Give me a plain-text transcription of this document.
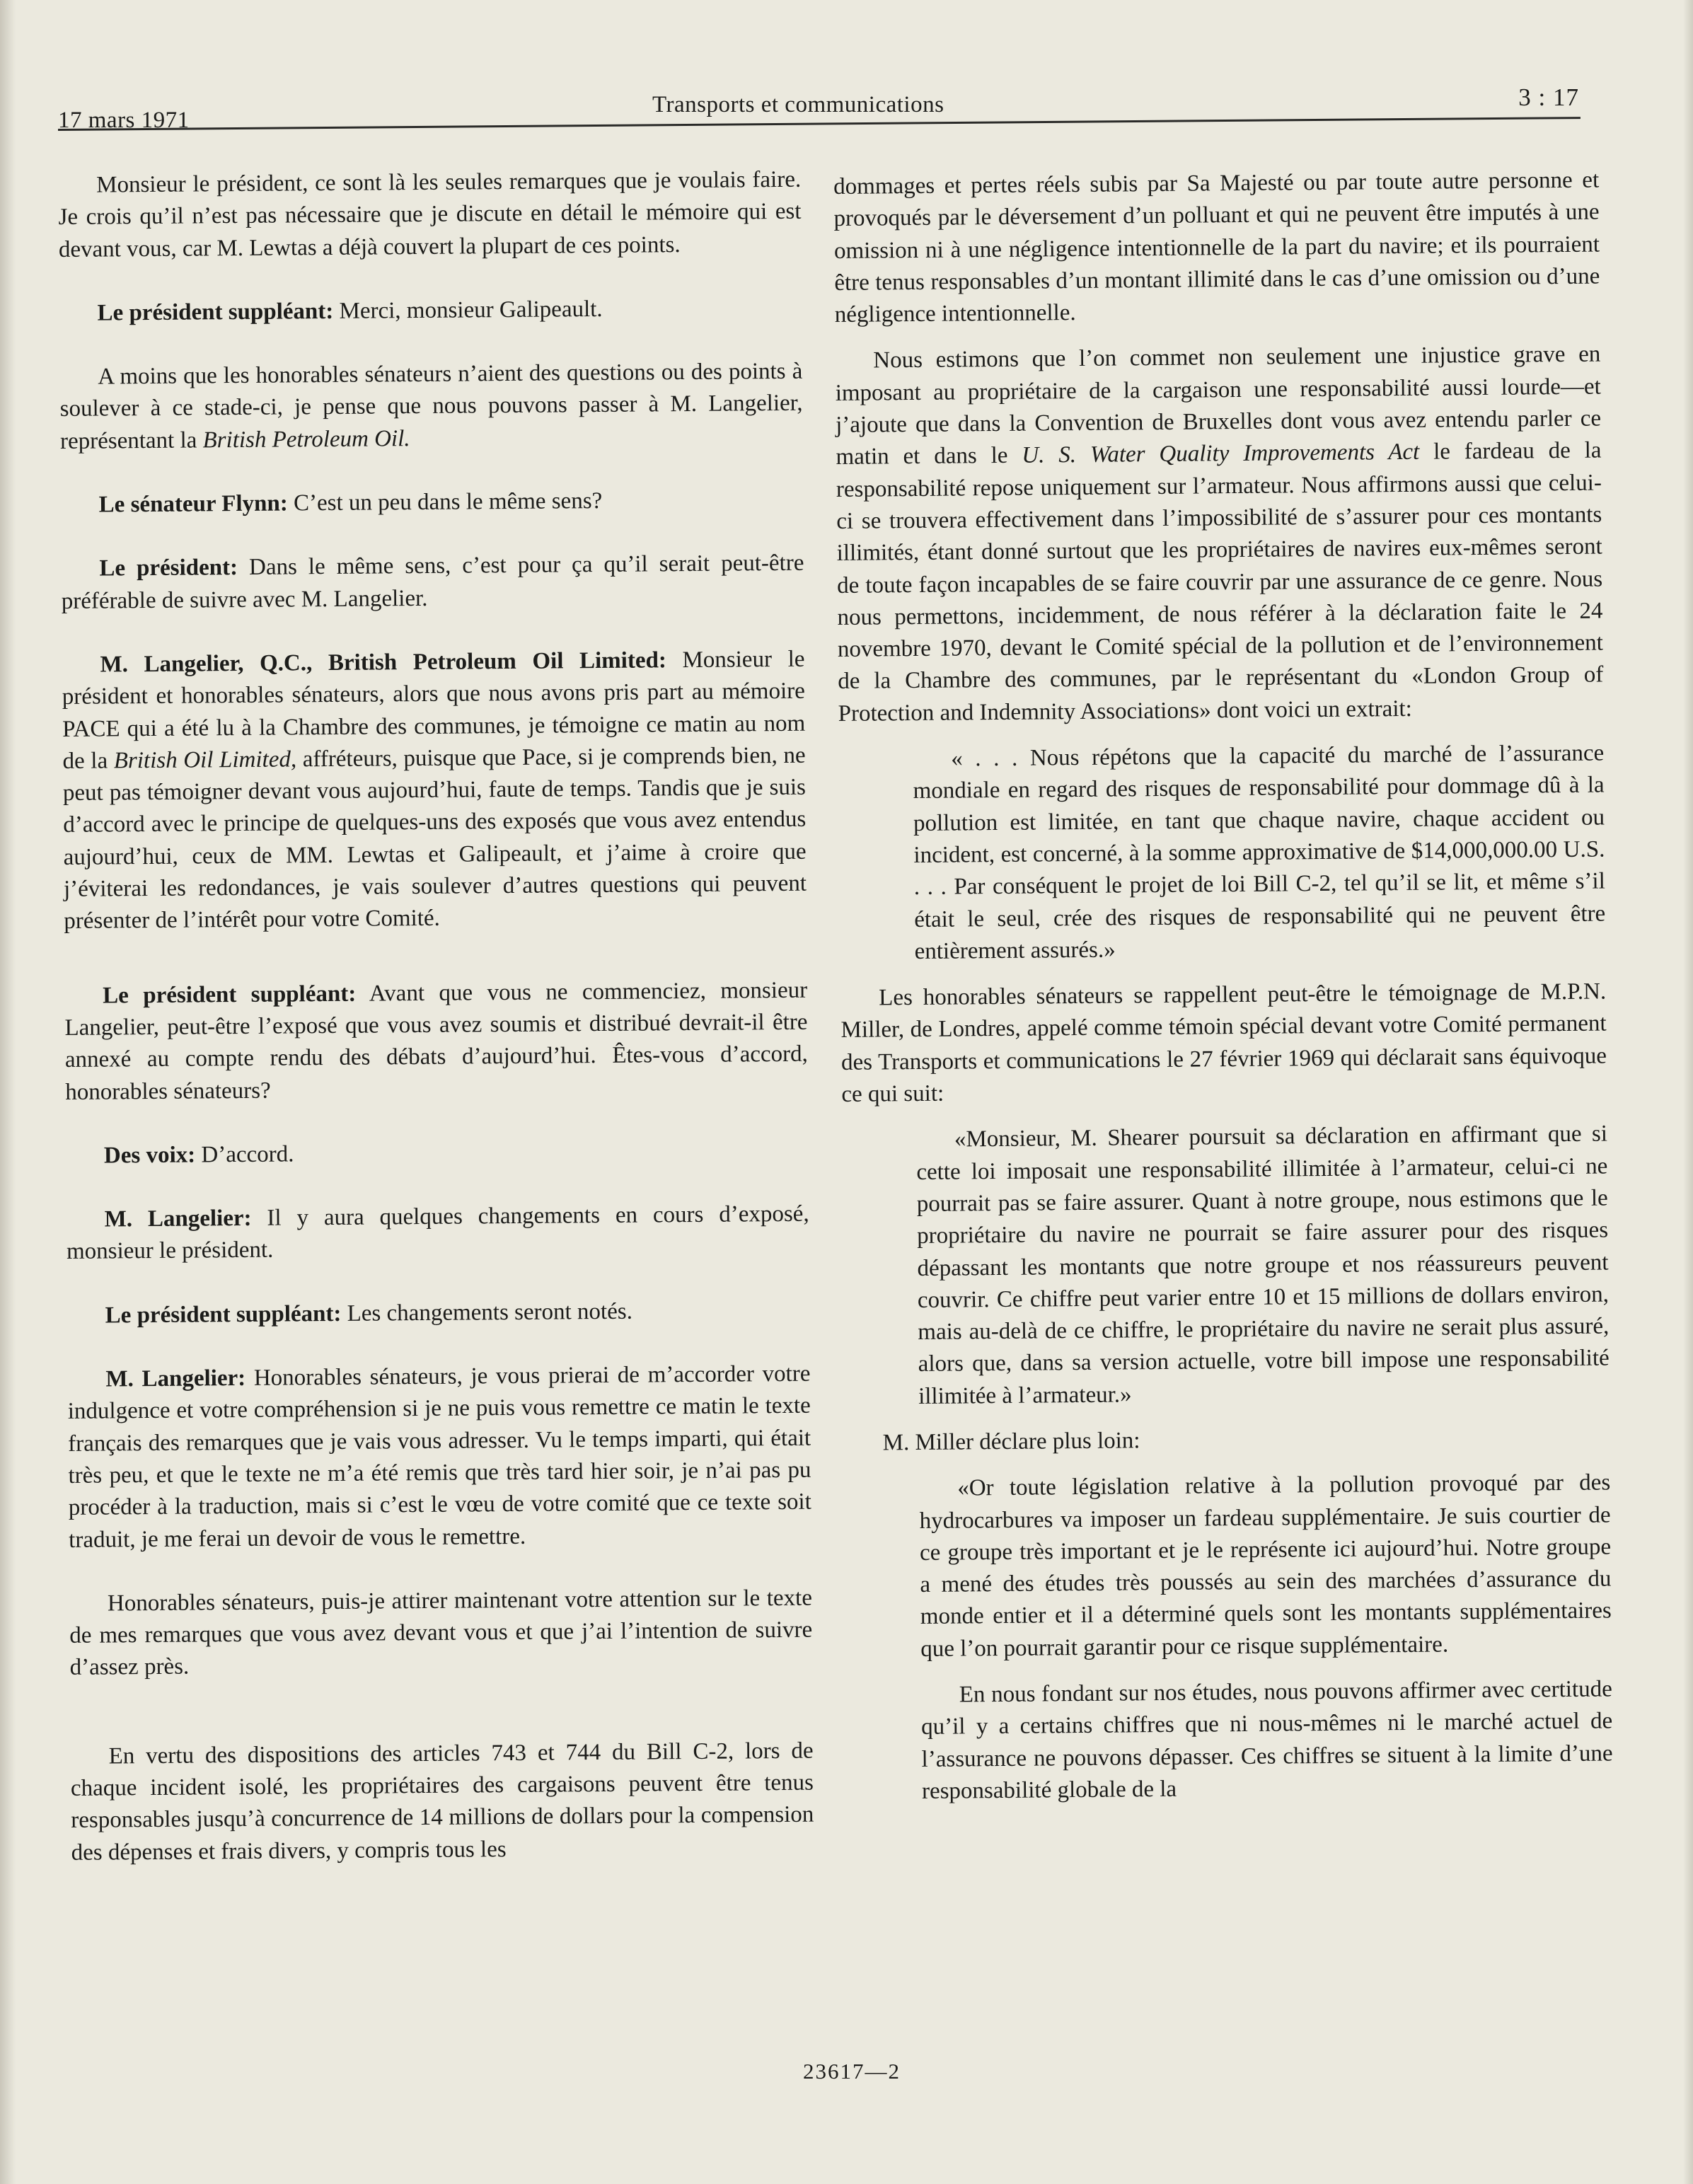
17 mars 1971
Transports et communications	3 : 17

Monsieur le président, ce sont là les seules remarques que je voulais faire. Je crois qu’il n’est pas nécessaire que je discute en détail le mémoire qui est devant vous, car M. Lewtas a déjà couvert la plupart de ces points.

Le président suppléant: Merci, monsieur Galipeault.

A moins que les honorables sénateurs n’aient des questions ou des points à soulever à ce stade-ci, je pense que nous pouvons passer à M. Langelier, représentant la British Petroleum Oil.

Le sénateur Flynn: C’est un peu dans le même sens?

Le président: Dans le même sens, c’est pour ça qu’il serait peut-être préférable de suivre avec M. Langelier.

M. Langelier, Q.C., British Petroleum Oil Limited: Monsieur le président et honorables sénateurs, alors que nous avons pris part au mémoire PACE qui a été lu à la Chambre des communes, je témoigne ce matin au nom de la British Oil Limited, affréteurs, puisque que Pace, si je comprends bien, ne peut pas témoigner devant vous aujourd’hui, faute de temps. Tandis que je suis d’accord avec le principe de quelques-uns des exposés que vous avez entendus aujourd’hui, ceux de MM. Lewtas et Galipeault, et j’aime à croire que j’éviterai les redondances, je vais soulever d’autres questions qui peuvent présenter de l’intérêt pour votre Comité.

Le président suppléant: Avant que vous ne commenciez, monsieur Langelier, peut-être l’exposé que vous avez soumis et distribué devrait-il être annexé au compte rendu des débats d’aujourd’hui. Êtes-vous d’accord, honorables sénateurs?

Des voix: D’accord.

M. Langelier: Il y aura quelques changements en cours d’exposé, monsieur le président.

Le président suppléant: Les changements seront notés.

M. Langelier: Honorables sénateurs, je vous prierai de m’accorder votre indulgence et votre compréhension si je ne puis vous remettre ce matin le texte français des remarques que je vais vous adresser. Vu le temps imparti, qui était très peu, et que le texte ne m’a été remis que très tard hier soir, je n’ai pas pu procéder à la traduction, mais si c’est le vœu de votre comité que ce texte soit traduit, je me ferai un devoir de vous le remettre.

Honorables sénateurs, puis-je attirer maintenant votre attention sur le texte de mes remarques que vous avez devant vous et que j’ai l’intention de suivre d’assez près.

En vertu des dispositions des articles 743 et 744 du Bill C-2, lors de chaque incident isolé, les propriétaires des cargaisons peuvent être tenus responsables jusqu’à concurrence de 14 millions de dollars pour la compension des dépenses et frais divers, y compris tous les

dommages et pertes réels subis par Sa Majesté ou par toute autre personne et provoqués par le déversement d’un polluant et qui ne peuvent être imputés à une omission ni à une négligence intentionnelle de la part du navire; et ils pourraient être tenus responsables d’un montant illimité dans le cas d’une omission ou d’une négligence intentionnelle.

Nous estimons que l’on commet non seulement une injustice grave en imposant au propriétaire de la cargaison une responsabilité aussi lourde—et j’ajoute que dans la Convention de Bruxelles dont vous avez entendu parler ce matin et dans le U. S. Water Quality Improvements Act le fardeau de la responsabilité repose uniquement sur l’armateur. Nous affirmons aussi que celui-ci se trouvera effectivement dans l’impossibilité de s’assurer pour ces montants illimités, étant donné surtout que les propriétaires de navires eux-mêmes seront de toute façon incapables de se faire couvrir par une assurance de ce genre. Nous nous permettons, incidemment, de nous référer à la déclaration faite le 24 novembre 1970, devant le Comité spécial de la pollution et de l’environnement de la Chambre des communes, par le représentant du «London Group of Protection and Indemnity Associations» dont voici un extrait:

« . . . Nous répétons que la capacité du marché de l’assurance mondiale en regard des risques de responsabilité pour dommage dû à la pollution est limitée, en tant que chaque navire, chaque accident ou incident, est concerné, à la somme approximative de $14,000,000.00 U.S. . . . Par conséquent le projet de loi Bill C-2, tel qu’il se lit, et même s’il était le seul, crée des risques de responsabilité qui ne peuvent être entièrement assurés.»

Les honorables sénateurs se rappellent peut-être le témoignage de M.P.N. Miller, de Londres, appelé comme témoin spécial devant votre Comité permanent des Transports et communications le 27 février 1969 qui déclarait sans équivoque ce qui suit:

«Monsieur, M. Shearer poursuit sa déclaration en affirmant que si cette loi imposait une responsabilité illimitée à l’armateur, celui-ci ne pourrait pas se faire assurer. Quant à notre groupe, nous estimons que le propriétaire du navire ne pourrait se faire assurer pour des risques dépassant les montants que notre groupe et nos réassureurs peuvent couvrir. Ce chiffre peut varier entre 10 et 15 millions de dollars environ, mais au-delà de ce chiffre, le propriétaire du navire ne serait plus assuré, alors que, dans sa version actuelle, votre bill impose une responsabilité illimitée à l’armateur.»

M. Miller déclare plus loin:

«Or toute législation relative à la pollution provoqué par des hydrocarbures va imposer un fardeau supplémentaire. Je suis courtier de ce groupe très important et je le représente ici aujourd’hui. Notre groupe a mené des études très poussés au sein des marchées d’assurance du monde entier et il a déterminé quels sont les montants supplémentaires que l’on pourrait garantir pour ce risque supplémentaire.

En nous fondant sur nos études, nous pouvons affirmer avec certitude qu’il y a certains chiffres que ni nous-mêmes ni le marché actuel de l’assurance ne pouvons dépasser. Ces chiffres se situent à la limite d’une responsabilité globale de la

23617—2
